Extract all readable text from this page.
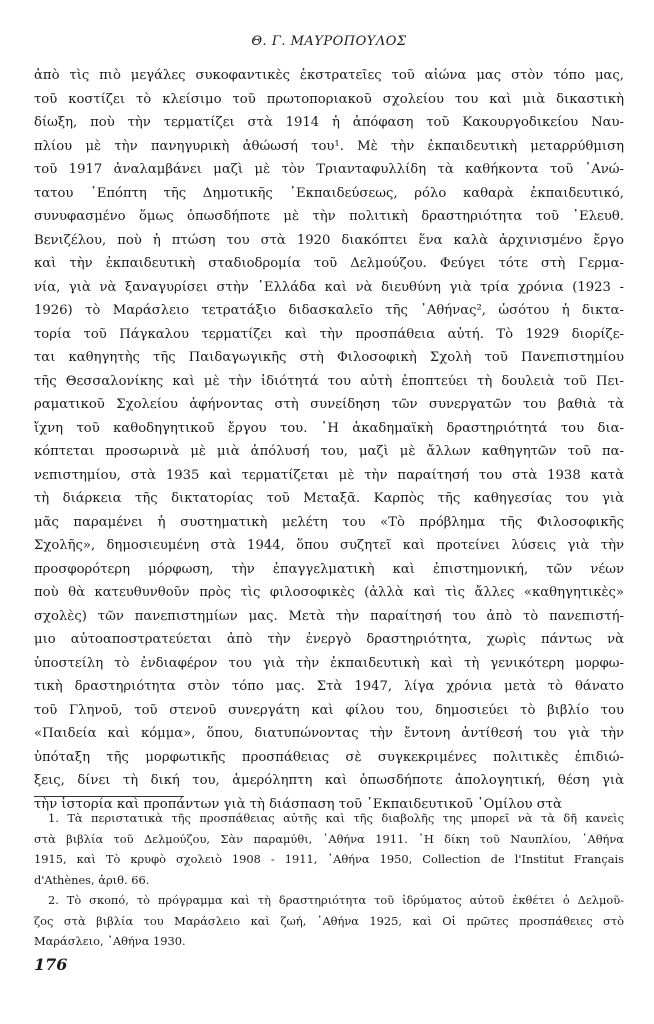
Θ. Γ. ΜΑΥΡΟΠΟΥΛΟΣ
ἀπὸ τὶς πιὸ μεγάλες συκοφαντικὲς ἐκστρατεῖες τοῦ αἰώνα μας στὸν τόπο μας,
τοῦ κοστίζει τὸ κλείσιμο τοῦ πρωτοποριακοῦ σχολείου του καὶ μιὰ δικαστικὴ
δίωξη, ποὺ τὴν τερματίζει στὰ 1914 ἡ ἀπόφαση τοῦ Κακουργοδικείου Ναυ-
πλίου μὲ τὴν πανηγυρικὴ ἀθώωσή του¹. Μὲ τὴν ἐκπαιδευτικὴ μεταρρύθμιση
τοῦ 1917 ἀναλαμβάνει μαζὶ μὲ τὸν Τριανταφυλλίδη τὰ καθήκοντα τοῦ ᾿Ανώ-
τατου ᾿Επόπτη τῆς Δημοτικῆς ᾿Εκπαιδεύσεως, ρόλο καθαρὰ ἐκπαιδευτικό,
συνυφασμένο ὅμως ὁπωσδήποτε μὲ τὴν πολιτικὴ δραστηριότητα τοῦ ᾿Ελευθ.
Βενιζέλου, ποὺ ἡ πτώση του στὰ 1920 διακόπτει ἕνα καλὰ ἀρχινισμένο ἔργο
καὶ τὴν ἐκπαιδευτικὴ σταδιοδρομία τοῦ Δελμούζου. Φεύγει τότε στὴ Γερμα-
νία, γιὰ νὰ ξαναγυρίσει στὴν ῾Ελλάδα καὶ νὰ διευθύνη γιὰ τρία χρόνια (1923 -
1926) τὸ Μαράσλειο τετρατάξιο διδασκαλεῖο τῆς ᾿Αθήνας², ὡσότου ἡ δικτα-
τορία τοῦ Πάγκαλου τερματίζει καὶ τὴν προσπάθεια αὐτή. Τὸ 1929 διορίζε-
ται καθηγητὴς τῆς Παιδαγωγικῆς στὴ Φιλοσοφικὴ Σχολὴ τοῦ Πανεπιστημίου
τῆς Θεσσαλονίκης καὶ μὲ τὴν ἰδιότητά του αὐτὴ ἐποπτεύει τὴ δουλειὰ τοῦ Πει-
ραματικοῦ Σχολείου ἀφήνοντας στὴ συνείδηση τῶν συνεργατῶν του βαθιὰ τὰ
ἴχνη τοῦ καθοδηγητικοῦ ἔργου του. ῾Η ἀκαδημαϊκὴ δραστηριότητά του δια-
κόπτεται προσωρινὰ μὲ μιὰ ἀπόλυσή του, μαζὶ μὲ ἄλλων καθηγητῶν τοῦ πα-
νεπιστημίου, στὰ 1935 καὶ τερματίζεται μὲ τὴν παραίτησή του στὰ 1938 κατὰ
τὴ διάρκεια τῆς δικτατορίας τοῦ Μεταξᾶ. Καρπὸς τῆς καθηγεσίας του γιὰ
μᾶς παραμένει ἡ συστηματικὴ μελέτη του «Τὸ πρόβλημα τῆς Φιλοσοφικῆς
Σχολῆς», δημοσιευμένη στὰ 1944, ὅπου συζητεῖ καὶ προτείνει λύσεις γιὰ τὴν
προσφορότερη μόρφωση, τὴν ἐπαγγελματικὴ καὶ ἐπιστημονική, τῶν νέων
ποὺ θὰ κατευθυνθοῦν πρὸς τὶς φιλοσοφικὲς (ἀλλὰ καὶ τὶς ἄλλες «καθηγητικὲς»
σχολὲς) τῶν πανεπιστημίων μας. Μετὰ τὴν παραίτησή του ἀπὸ τὸ πανεπιστή-
μιο αὐτοαποστρατεύεται ἀπὸ τὴν ἐνεργὸ δραστηριότητα, χωρὶς πάντως νὰ
ὑποστείλη τὸ ἐνδιαφέρον του γιὰ τὴν ἐκπαιδευτικὴ καὶ τὴ γενικότερη μορφω-
τικὴ δραστηριότητα στὸν τόπο μας. Στὰ 1947, λίγα χρόνια μετὰ τὸ θάνατο
τοῦ Γληνοῦ, τοῦ στενοῦ συνεργάτη καὶ φίλου του, δημοσιεύει τὸ βιβλίο του
«Παιδεία καὶ κόμμα», ὅπου, διατυπώνοντας τὴν ἔντονη ἀντίθεσή του γιὰ τὴν
ὑπόταξη τῆς μορφωτικῆς προσπάθειας σὲ συγκεκριμένες πολιτικὲς ἐπιδιώ-
ξεις, δίνει τὴ δική του, ἀμερόληπτη καὶ ὁπωσδήποτε ἀπολογητική, θέση γιὰ
τὴν ἱστορία καὶ προπάντων γιὰ τὴ διάσπαση τοῦ ᾿Εκπαιδευτικοῦ ῾Ομίλου στὰ
1. Τὰ περιστατικὰ τῆς προσπάθειας αὐτῆς καὶ τῆς διαβολῆς της μπορεῖ νὰ τὰ δῆ κανεὶς
στὰ βιβλία τοῦ Δελμούζου, Σὰν παραμύθι, ᾿Αθήνα 1911. ῾Η δίκη τοῦ Ναυπλίου, ᾿Αθήνα
1915, καὶ Τὸ κρυφὸ σχολειὸ 1908 - 1911, ᾿Αθήνα 1950, Collection de l'Institut Français
d'Athènes, ἀριθ. 66.
2. Τὸ σκοπό, τὸ πρόγραμμα καὶ τὴ δραστηριότητα τοῦ ἱδρύματος αὐτοῦ ἐκθέτει ὁ Δελμοῦ-
ζος στὰ βιβλία του Μαράσλειο καὶ ζωή, ᾿Αθήνα 1925, καὶ Οἱ πρῶτες προσπάθειες στὸ
Μαράσλειο, ᾿Αθήνα 1930.
176
